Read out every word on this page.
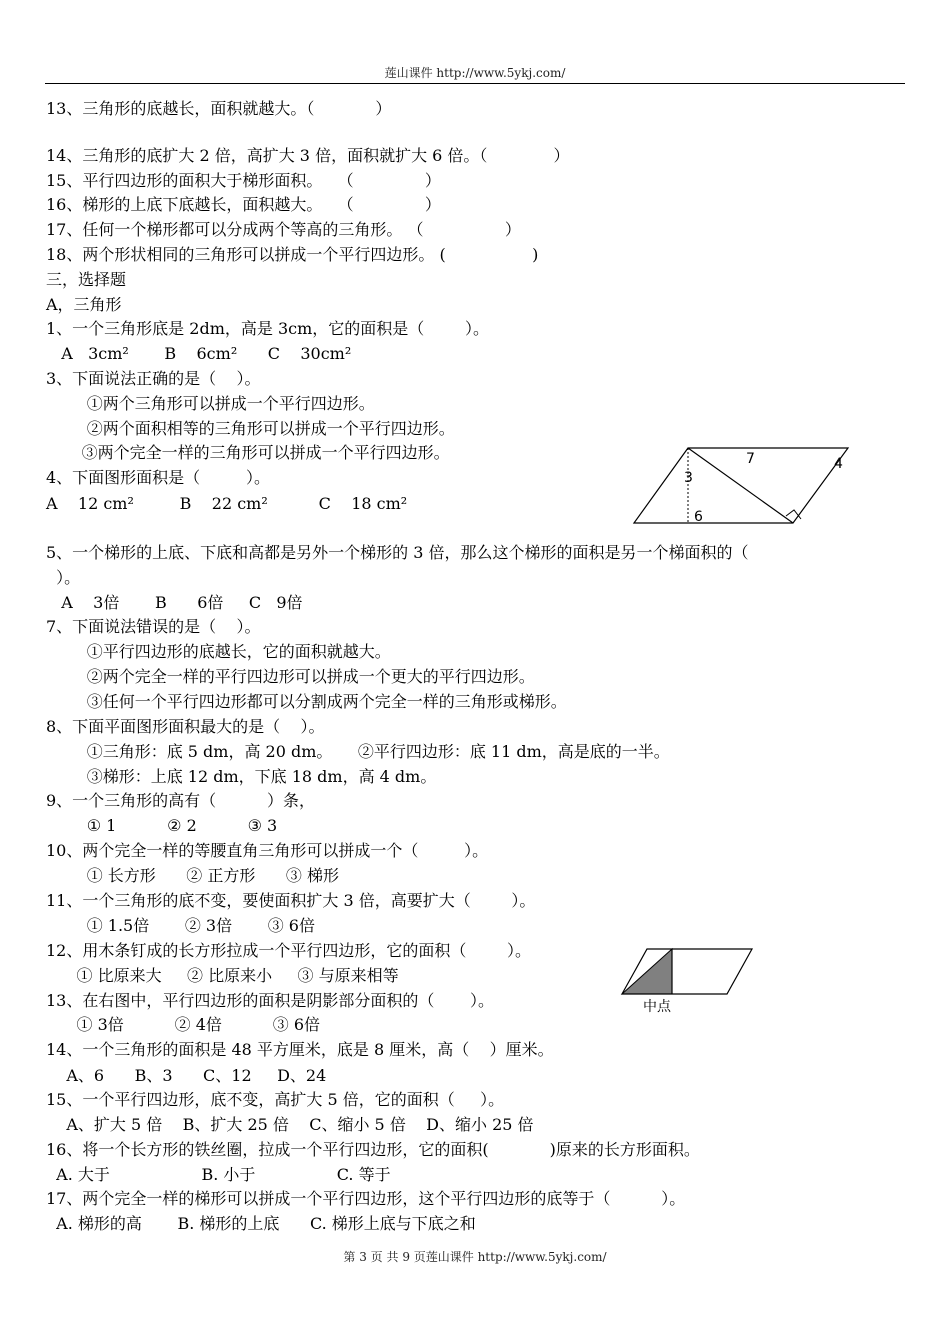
莲山课件 http://www.5ykj.com/
13、三角形的底越长，面积就越大。（            ）
14、三角形的底扩大 2 倍，高扩大 3 倍，面积就扩大 6 倍。（             ）
15、平行四边形的面积大于梯形面积。   （              ）
16、梯形的上底下底越长，面积越大。   （              ）
17、任何一个梯形都可以分成两个等高的三角形。 （                ）
18、两个形状相同的三角形可以拼成一个平行四边形。 (                 )
三，选择题
A，三角形
1、一个三角形底是 2dm，高是 3cm，它的面积是（        ）。
A   3cm²       B    6cm²      C    30cm²
3、下面说法正确的是（    ）。
①两个三角形可以拼成一个平行四边形。
②两个面积相等的三角形可以拼成一个平行四边形。
③两个完全一样的三角形可以拼成一个平行四边形。
4、下面图形面积是（         ）。
A    12 cm²         B    22 cm²          C    18 cm²
5、一个梯形的上底、下底和高都是另外一个梯形的 3 倍，那么这个梯形的面积是另一个梯面积的（
）。
A    3倍       B      6倍     C   9倍
7、下面说法错误的是（    ）。
①平行四边形的底越长，它的面积就越大。
②两个完全一样的平行四边形可以拼成一个更大的平行四边形。
③任何一个平行四边形都可以分割成两个完全一样的三角形或梯形。
8、下面平面图形面积最大的是（    ）。
①三角形：底 5 dm，高 20 dm。     ②平行四边形：底 11 dm，高是底的一半。
③梯形：上底 12 dm，下底 18 dm，高 4 dm。
9、一个三角形的高有（          ）条，
① 1          ② 2          ③ 3
10、两个完全一样的等腰直角三角形可以拼成一个（         ）。
① 长方形      ② 正方形      ③ 梯形
11、一个三角形的底不变，要使面积扩大 3 倍，高要扩大（        ）。
① 1.5倍       ② 3倍       ③ 6倍
12、用木条钉成的长方形拉成一个平行四边形，它的面积（        ）。
① 比原来大     ② 比原来小     ③ 与原来相等
13、在右图中，平行四边形的面积是阴影部分面积的（       ）。
① 3倍          ② 4倍          ③ 6倍
14、一个三角形的面积是 48 平方厘米，底是 8 厘米，高（    ）厘米。
A、6      B、3      C、12     D、24
15、一个平行四边形，底不变，高扩大 5 倍，它的面积（     ）。
A、扩大 5 倍    B、扩大 25 倍    C、缩小 5 倍    D、缩小 25 倍
16、将一个长方形的铁丝圈，拉成一个平行四边形，它的面积(            )原来的长方形面积。
A. 大于                  B. 小于                C. 等于
17、两个完全一样的梯形可以拼成一个平行四边形，这个平行四边形的底等于（          ）。
A. 梯形的高       B. 梯形的上底      C. 梯形上底与下底之和
7	4
3
6
中点
第 3 页 共 9 页莲山课件 http://www.5ykj.com/
